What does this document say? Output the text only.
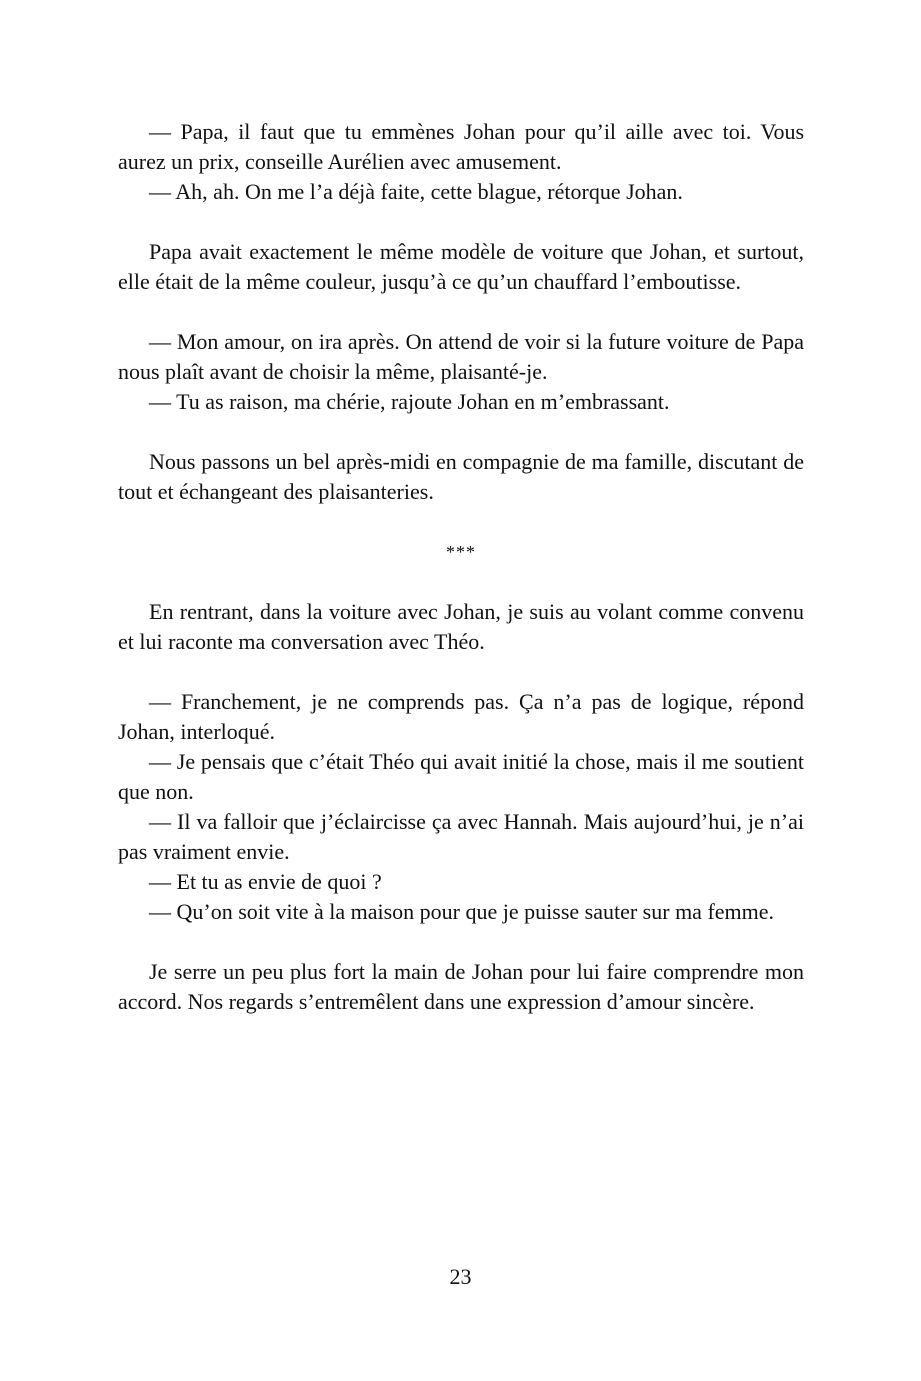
— Papa, il faut que tu emmènes Johan pour qu’il aille avec toi. Vous aurez un prix, conseille Aurélien avec amusement.

— Ah, ah. On me l’a déjà faite, cette blague, rétorque Johan.

Papa avait exactement le même modèle de voiture que Johan, et surtout, elle était de la même couleur, jusqu’à ce qu’un chauffard l’emboutisse.

— Mon amour, on ira après. On attend de voir si la future voiture de Papa nous plaît avant de choisir la même, plaisanté-je.

— Tu as raison, ma chérie, rajoute Johan en m’embrassant.

Nous passons un bel après-midi en compagnie de ma famille, discutant de tout et échangeant des plaisanteries.

***

En rentrant, dans la voiture avec Johan, je suis au volant comme convenu et lui raconte ma conversation avec Théo.

— Franchement, je ne comprends pas. Ça n’a pas de logique, répond Johan, interloqué.

— Je pensais que c’était Théo qui avait initié la chose, mais il me soutient que non.

— Il va falloir que j’éclaircisse ça avec Hannah. Mais aujourd’hui, je n’ai pas vraiment envie.

— Et tu as envie de quoi ?

— Qu’on soit vite à la maison pour que je puisse sauter sur ma femme.

Je serre un peu plus fort la main de Johan pour lui faire comprendre mon accord. Nos regards s’entremêlent dans une expression d’amour sincère.

23
